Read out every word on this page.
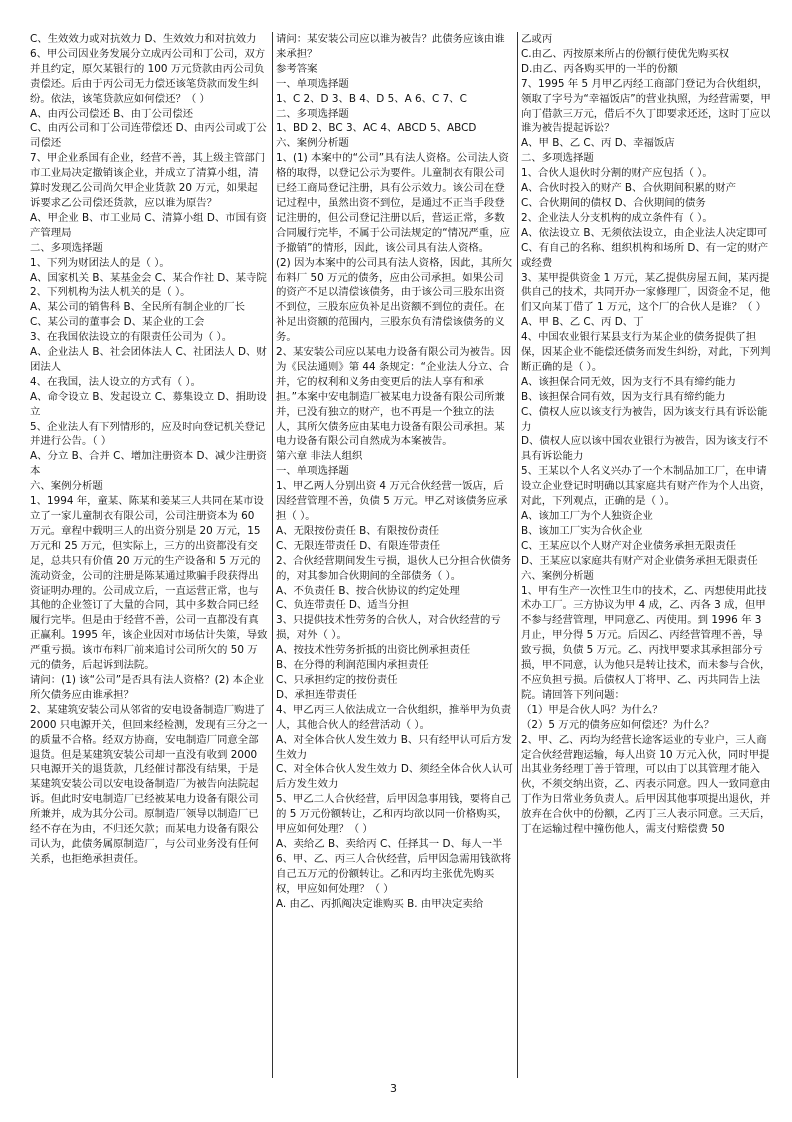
C、生效效力或对抗效力 D、生效效力和对抗效力

6、甲公司因业务发展分立成丙公司和丁公司，双方并且约定，原欠某银行的 100 万元贷款由丙公司负责偿还。后由于丙公司无力偿还该笔贷款而发生纠纷。依法，该笔贷款应如何偿还？（ ）

A、由丙公司偿还 B、由丁公司偿还

C、由丙公司和丁公司连带偿还 D、由丙公司或丁公司偿还

7、甲企业系国有企业，经营不善，其上级主管部门市工业局决定撤销该企业，并成立了清算小组，清算时发现乙公司尚欠甲企业货款 20 万元，如果起诉要求乙公司偿还货款，应以谁为原告？

A、甲企业 B、市工业局 C、清算小组 D、市国有资产管理局

二、多项选择题

1、下列为财团法人的是（ ）。

A、国家机关 B、某基金会 C、某合作社 D、某寺院

2、下列机构为法人机关的是（ ）。

A、某公司的销售科 B、全民所有制企业的厂长

C、某公司的董事会 D、某企业的工会

3、在我国依法设立的有限责任公司为（ ）。

A、企业法人 B、社会团体法人 C、社团法人 D、财团法人

4、在我国，法人设立的方式有（ ）。

A、命令设立 B、发起设立 C、募集设立 D、捐助设立

5、企业法人有下列情形的，应及时向登记机关登记并进行公告。（ ）

A、分立 B、合并 C、增加注册资本 D、减少注册资本

六、案例分析题

1、1994 年，童某、陈某和姜某三人共同在某市设立了一家儿童制衣有限公司，公司注册资本为 60 万元。章程中载明三人的出资分别是 20 万元，15 万元和 25 万元，但实际上，三方的出资都没有交足，总共只有价值 20 万元的生产设备和 5 万元的流动资金，公司的注册是陈某通过欺骗手段获得出资证明办理的。公司成立后，一直运营正常，也与其他的企业签订了大量的合同，其中多数合同已经履行完毕。但是由于经营不善，公司一直都没有真正赢利。1995 年，该企业因对市场估计失策，导致严重亏损。该市布料厂前来追讨公司所欠的 50 万元的债务，后起诉到法院。

请问：(1) 该“公司”是否具有法人资格？(2) 本企业所欠债务应由谁承担？

2、某建筑安装公司从邻省的安电设备制造厂购进了 2000 只电源开关，但回来经检测，发现有三分之一的质量不合格。经双方协商，安电制造厂同意全部退货。但是某建筑安装公司却一直没有收到 2000 只电源开关的退货款，几经催讨都没有结果，于是某建筑安装公司以安电设备制造厂为被告向法院起诉。但此时安电制造厂已经被某电力设备有限公司所兼并，成为其分公司。原制造厂领导以制造厂已经不存在为由，不归还欠款；而某电力设备有限公司认为，此债务属原制造厂，与公司业务没有任何关系，也拒绝承担责任。

请问：某安装公司应以谁为被告？此债务应该由谁来承担？

参考答案

一、单项选择题

1、C 2、D 3、B 4、D 5、A 6、C 7、C

二、多项选择题

1、BD 2、BC 3、AC 4、ABCD 5、ABCD

六、案例分析题

1、(1) 本案中的“公司”具有法人资格。公司法人资格的取得，以登记公示为要件。儿童制衣有限公司已经工商局登记注册，具有公示效力。该公司在登记过程中，虽然出资不到位，是通过不正当手段登记注册的，但公司登记注册以后，营运正常，多数合同履行完毕，不属于公司法规定的“情况严重，应予撤销”的情形，因此，该公司具有法人资格。

(2) 因为本案中的公司具有法人资格，因此，其所欠布料厂 50 万元的债务，应由公司承担。如果公司的资产不足以清偿该债务，由于该公司三股东出资不到位，三股东应负补足出资额不到位的责任。在补足出资额的范围内，三股东负有清偿该债务的义务。

2、某安装公司应以某电力设备有限公司为被告。因为《民法通则》第 44 条规定：“企业法人分立、合并，它的权利和义务由变更后的法人享有和承担。”本案中安电制造厂被某电力设备有限公司所兼并，已没有独立的财产，也不再是一个独立的法人，其所欠债务应由某电力设备有限公司承担。某电力设备有限公司自然成为本案被告。

第六章 非法人组织

一、单项选择题

1、甲乙两人分别出资 4 万元合伙经营一饭店，后因经营管理不善，负债 5 万元。甲乙对该债务应承担（ ）。

A、无限按份责任 B、有限按份责任

C、无限连带责任 D、有限连带责任

2、合伙经营期间发生亏损，退伙人已分担合伙债务的，对其参加合伙期间的全部债务（ ）。

A、不负责任 B、按合伙协议的约定处理

C、负连带责任 D、适当分担

3、只提供技术性劳务的合伙人，对合伙经营的亏损，对外（ ）。

A、按技术性劳务折抵的出资比例承担责任

B、在分得的利润范围内承担责任

C、只承担约定的按份责任

D、承担连带责任

4、甲乙丙三人依法成立一合伙组织，推举甲为负责人，其他合伙人的经营活动（ ）。

A、对全体合伙人发生效力 B、只有经甲认可后方发生效力

C、对全体合伙人发生效力 D、须经全体合伙人认可后方发生效力

5、甲乙二人合伙经营，后甲因急事用钱，要将自己的 5 万元份额转让，乙和丙均欲以同一价格购买，甲应如何处理？（ ）

A、卖给乙 B、卖给丙 C、任择其一 D、每人一半

6、甲、乙、丙三人合伙经营，后甲因急需用钱欲将自己五万元的份额转让。乙和丙均主张优先购买权，甲应如何处理？（ ）

A. 由乙、丙抓阄决定谁购买 B. 由甲决定卖给

乙或丙

C.由乙、丙按原来所占的份额行使优先购买权

D.由乙、丙各购买甲的一半的份额

7、1995 年 5 月甲乙丙经工商部门登记为合伙组织，领取了字号为“幸福饭店”的营业执照，为经营需要，甲向丁借款三万元，借后不久丁即要求还还，这时丁应以谁为被告提起诉讼？

A、甲 B、乙 C、丙 D、幸福饭店

二、多项选择题

1、合伙人退伙时分割的财产应包括（ ）。

A、合伙时投入的财产 B、合伙期间积累的财产

C、合伙期间的债权 D、合伙期间的债务

2、企业法人分支机构的成立条件有（ ）。

A、依法设立 B、无须依法设立，由企业法人决定即可

C、有自己的名称、组织机构和场所 D、有一定的财产或经费

3、某甲提供资金 1 万元，某乙提供房屋五间，某丙提供自己的技术，共同开办一家修理厂，因资金不足，他们又向某丁借了 1 万元，这个厂的合伙人是谁？（ ）

A、甲 B、乙 C、丙 D、丁

4、中国农业银行某县支行为某企业的债务提供了担保，因某企业不能偿还债务而发生纠纷，对此，下列判断正确的是（ ）。

A、该担保合同无效，因为支行不具有缔约能力

B、该担保合同有效，因为支行具有缔约能力

C、债权人应以该支行为被告，因为该支行具有诉讼能力

D、债权人应以该中国农业银行为被告，因为该支行不具有诉讼能力

5、王某以个人名义兴办了一个木制品加工厂，在申请设立企业登记时明确以其家庭共有财产作为个人出资，对此，下列观点，正确的是（ ）。

A、该加工厂为个人独资企业

B、该加工厂实为合伙企业

C、王某应以个人财产对企业债务承担无限责任

D、王某应以家庭共有财产对企业债务承担无限责任

六、案例分析题

1、甲有生产一次性卫生巾的技术，乙、丙想使用此技术办工厂。三方协议为甲 4 成，乙、丙各 3 成，但甲不参与经营管理，甲同意乙、丙使用。到 1996 年 3 月止，甲分得 5 万元。后因乙、丙经营管理不善，导致亏损，负债 5 万元。乙、丙找甲要求其承担部分亏损，甲不同意，认为他只是转让技术，而未参与合伙，不应负担亏损。后债权人丁将甲、乙、丙共同告上法院。请回答下列问题：

（1）甲是合伙人吗？为什么？

（2）5 万元的债务应如何偿还？为什么？

2、甲、乙、丙均为经营长途客运业的专业户，三人商定合伙经营跑运输，每人出资 10 万元入伙，同时甲提出其业务经理丁善于管理，可以由丁以其管理才能入伙，不须交纳出资，乙、丙表示同意。四人一致同意由丁作为日常业务负责人。后甲因其他事项提出退伙，并放弃在合伙中的份额，乙丙丁三人表示同意。三天后，丁在运输过程中撞伤他人，需支付赔偿费 50

3
